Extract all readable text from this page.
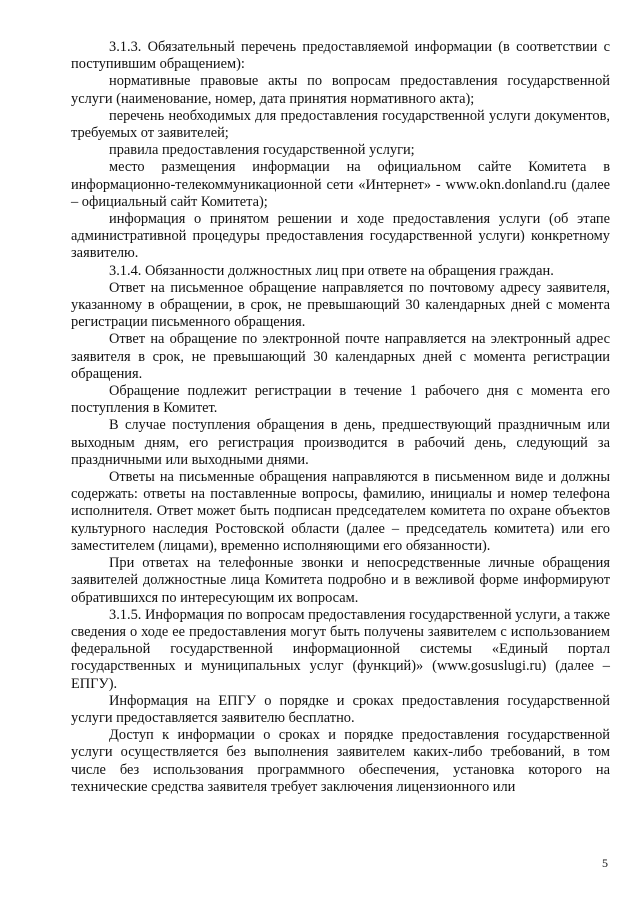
3.1.3. Обязательный перечень предоставляемой информации (в соответствии с поступившим обращением):

нормативные правовые акты по вопросам предоставления государственной услуги (наименование, номер, дата принятия нормативного акта);

перечень необходимых для предоставления государственной услуги документов, требуемых от заявителей;

правила предоставления государственной услуги;

место размещения информации на официальном сайте Комитета в информационно-телекоммуникационной сети «Интернет» - www.okn.donland.ru (далее – официальный сайт Комитета);

информация о принятом решении и ходе предоставления услуги (об этапе административной процедуры предоставления государственной услуги) конкретному заявителю.

3.1.4. Обязанности должностных лиц при ответе на обращения граждан.

Ответ на письменное обращение направляется по почтовому адресу заявителя, указанному в обращении, в срок, не превышающий 30 календарных дней с момента регистрации письменного обращения.

Ответ на обращение по электронной почте направляется на электронный адрес заявителя в срок, не превышающий 30 календарных дней с момента регистрации обращения.

Обращение подлежит регистрации в течение 1 рабочего дня с момента его поступления в Комитет.

В случае поступления обращения в день, предшествующий праздничным или выходным дням, его регистрация производится в рабочий день, следующий за праздничными или выходными днями.

Ответы на письменные обращения направляются в письменном виде и должны содержать: ответы на поставленные вопросы, фамилию, инициалы и номер телефона исполнителя. Ответ может быть подписан председателем комитета по охране объектов культурного наследия Ростовской области (далее – председатель комитета) или его заместителем (лицами), временно исполняющими его обязанности).

При ответах на телефонные звонки и непосредственные личные обращения заявителей должностные лица Комитета подробно и в вежливой форме информируют обратившихся по интересующим их вопросам.

3.1.5. Информация по вопросам предоставления государственной услуги, а также сведения о ходе ее предоставления могут быть получены заявителем с использованием федеральной государственной информационной системы «Единый портал государственных и муниципальных услуг (функций)» (www.gosuslugi.ru) (далее – ЕПГУ).

Информация на ЕПГУ о порядке и сроках предоставления государственной услуги предоставляется заявителю бесплатно.

Доступ к информации о сроках и порядке предоставления государственной услуги осуществляется без выполнения заявителем каких-либо требований, в том числе без использования программного обеспечения, установка которого на технические средства заявителя требует заключения лицензионного или

5
